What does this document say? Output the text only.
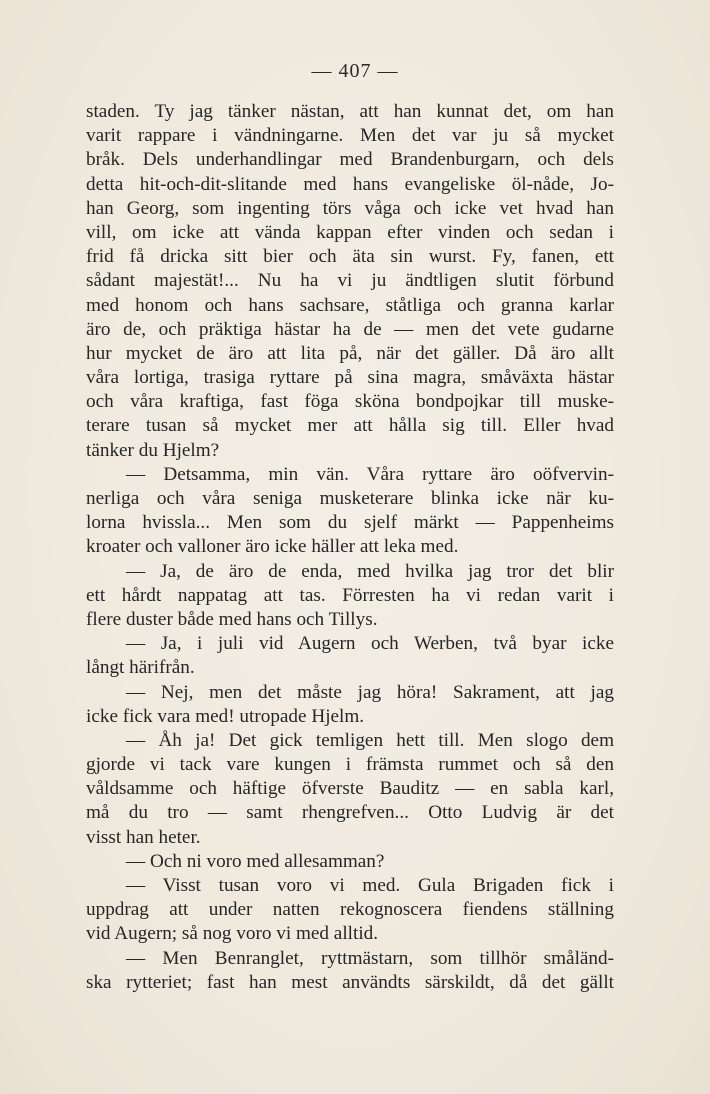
— 407 —
staden. Ty jag tänker nästan, att han kunnat det, om han
varit rappare i vändningarne. Men det var ju så mycket
bråk. Dels underhandlingar med Brandenburgarn, och dels
detta hit-och-dit-slitande med hans evangeliske öl-nåde, Jo-
han Georg, som ingenting törs våga och icke vet hvad han
vill, om icke att vända kappan efter vinden och sedan i
frid få dricka sitt bier och äta sin wurst. Fy, fanen, ett
sådant majestät!... Nu ha vi ju ändtligen slutit förbund
med honom och hans sachsare, ståtliga och granna karlar
äro de, och präktiga hästar ha de — men det vete gudarne
hur mycket de äro att lita på, när det gäller. Då äro allt
våra lortiga, trasiga ryttare på sina magra, småväxta hästar
och våra kraftiga, fast föga sköna bondpojkar till muske-
terare tusan så mycket mer att hålla sig till. Eller hvad
tänker du Hjelm?
— Detsamma, min vän. Våra ryttare äro oöfvervin-
nerliga och våra seniga musketerare blinka icke när ku-
lorna hvissla... Men som du sjelf märkt — Pappenheims
kroater och valloner äro icke häller att leka med.
— Ja, de äro de enda, med hvilka jag tror det blir
ett hårdt nappatag att tas. Förresten ha vi redan varit i
flere duster både med hans och Tillys.
— Ja, i juli vid Augern och Werben, två byar icke
långt härifrån.
— Nej, men det måste jag höra! Sakrament, att jag
icke fick vara med! utropade Hjelm.
— Åh ja! Det gick temligen hett till. Men slogo dem
gjorde vi tack vare kungen i främsta rummet och så den
våldsamme och häftige öfverste Bauditz — en sabla karl,
må du tro — samt rhengrefven... Otto Ludvig är det
visst han heter.
— Och ni voro med allesamman?
— Visst tusan voro vi med. Gula Brigaden fick i
uppdrag att under natten rekognoscera fiendens ställning
vid Augern; så nog voro vi med alltid.
— Men Benranglet, ryttmästarn, som tillhör småländ-
ska rytteriet; fast han mest användts särskildt, då det gällt
